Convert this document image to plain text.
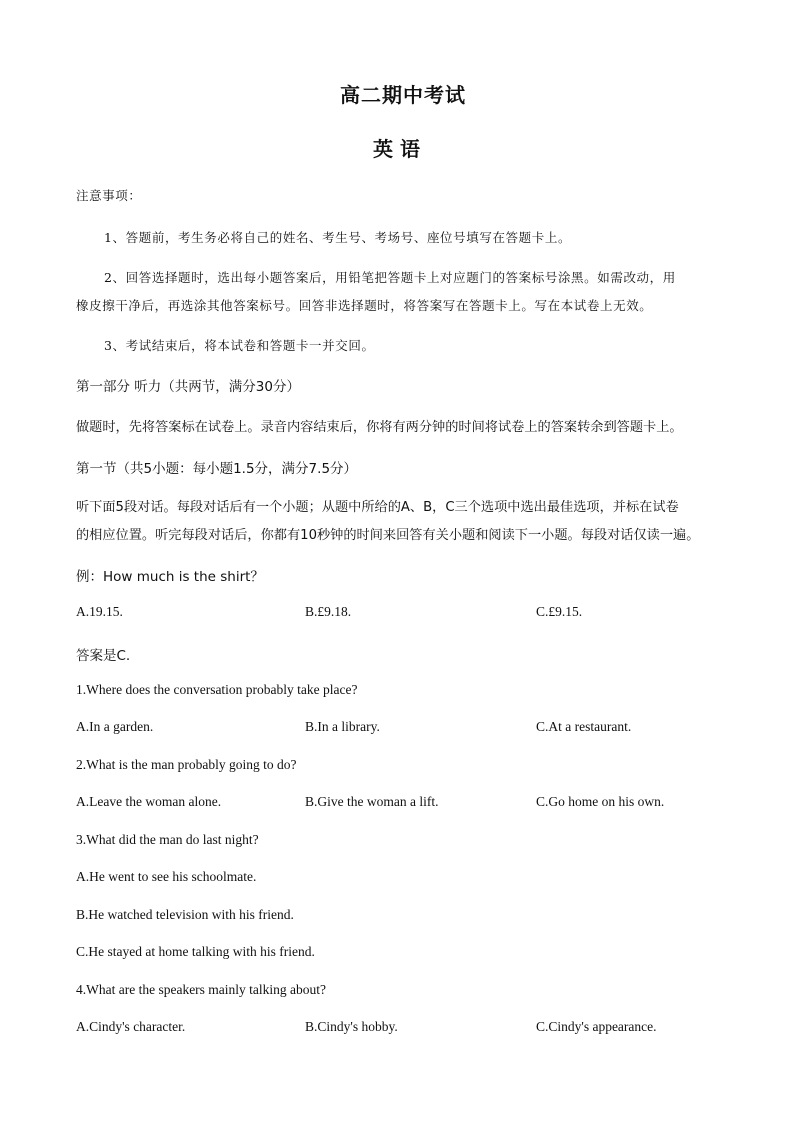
高二期中考试
英 语
注意事项：
1、答题前，考生务必将自己的姓名、考生号、考场号、座位号填写在答题卡上。
2、回答选择题时，选出每小题答案后，用铅笔把答题卡上对应题门的答案标号涂黑。如需改动，用
橡皮擦干净后，再选涂其他答案标号。回答非选择题时，将答案写在答题卡上。写在本试卷上无效。
3、考试结束后，将本试卷和答题卡一并交回。
第一部分 听力（共两节，满分30分）
做题时，先将答案标在试卷上。录音内容结束后，你将有两分钟的时间将试卷上的答案转余到答题卡上。
第一节（共5小题：每小题1.5分，满分7.5分）
听下面5段对话。每段对话后有一个小题；从题中所给的A、B，C三个选项中选出最佳选项，并标在试卷
的相应位置。听完每段对话后，你都有10秒钟的时间来回答有关小题和阅读下一小题。每段对话仅读一遍。
例：How much is the shirt？
A.19.15.	B.£9.18.	C.£9.15.
答案是C.
1.Where does the conversation probably take place?
A.In a garden.	B.In a library.	C.At a restaurant.
2.What is the man probably going to do?
A.Leave the woman alone.	B.Give the woman a lift.	C.Go home on his own.
3.What did the man do last night?
A.He went to see his schoolmate.
B.He watched television with his friend.
C.He stayed at home talking with his friend.
4.What are the speakers mainly talking about?
A.Cindy's character.	B.Cindy's hobby.	C.Cindy's appearance.
